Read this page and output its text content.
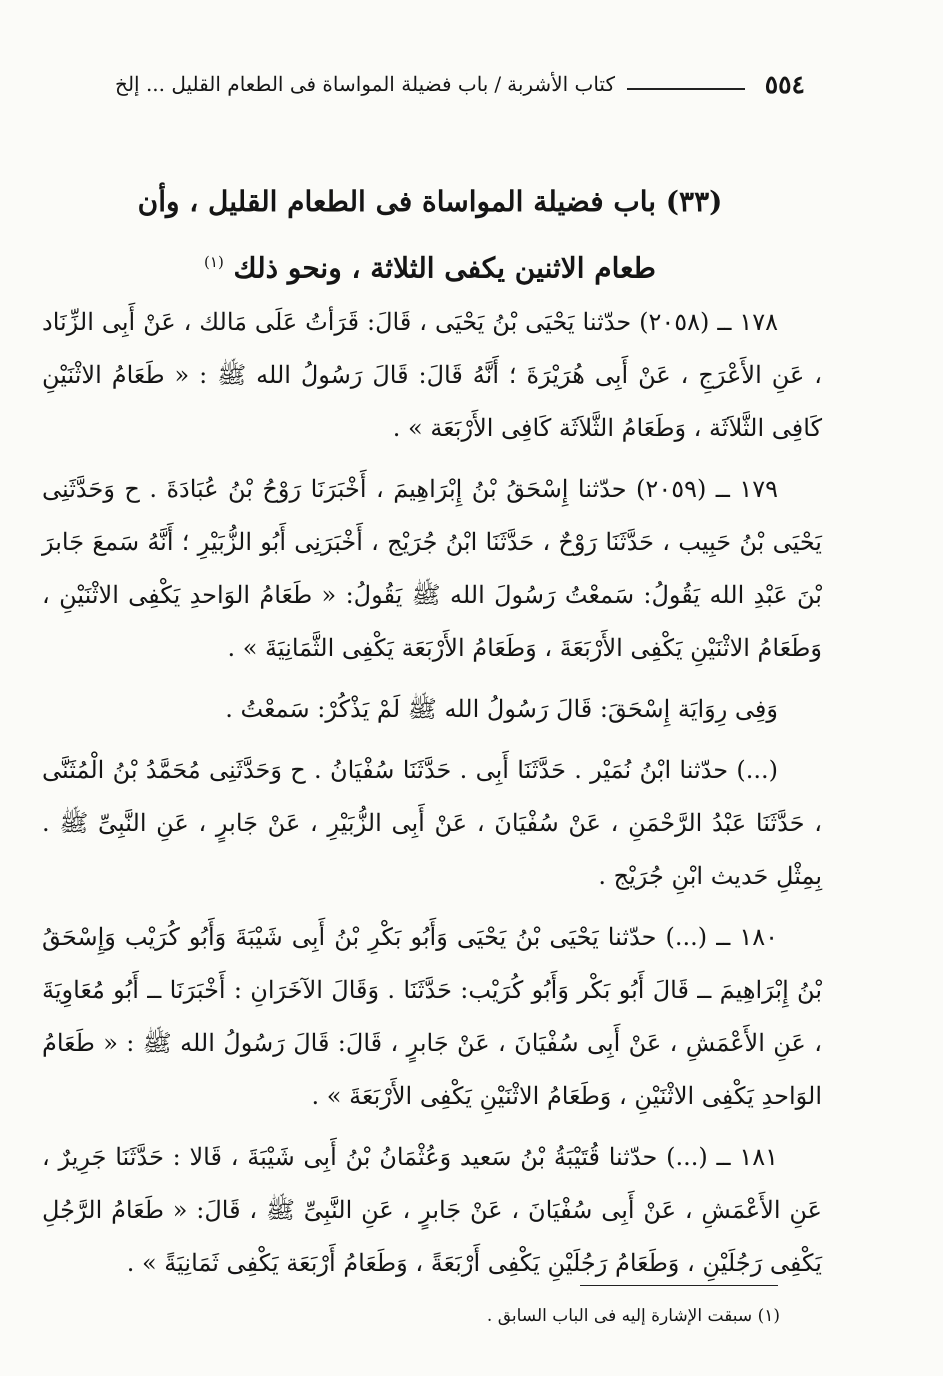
٥٥٤
كتاب الأشربة/باب فضيلة المواساة فى الطعام القليل ... إلخ
(٣٣) باب فضيلة المواساة فى الطعام القليل ، وأن
طعام الاثنين يكفى الثلاثة ، ونحو ذلك $^{(١)}$

١٧٨ ــ (٢٠٥٨) حدّثنا يَحْيَى بْنُ يَحْيَى ، قَالَ: قَرَأتُ عَلَى مَالك ، عَنْ أَبِى الزِّنَاد ، عَنِ الأَعْرَجِ ، عَنْ أَبِى هُرَيْرَةَ ؛ أَنَّهُ قَالَ: قَالَ رَسُولُ الله ﷺ : « طَعَامُ الاثْنَيْنِ كَافِى الثَّلاَثَة ، وَطَعَامُ الثَّلاَثَة كَافِى الأَرْبَعَة » .

١٧٩ ــ (٢٠٥٩) حدّثنا إِسْحَقُ بْنُ إِبْرَاهِيمَ ، أَخْبَرَنَا رَوْحُ بْنُ عُبَادَةَ . ح وَحَدَّثَنِى يَحْيَى بْنُ حَبِيب ، حَدَّثَنَا رَوْحٌ ، حَدَّثَنَا ابْنُ جُرَيْج ، أَخْبَرَنِى أَبُو الزُّبَيْرِ ؛ أَنَّهُ سَمعَ جَابرَ بْنَ عَبْدِ الله يَقُولُ: سَمعْتُ رَسُولَ الله ﷺ يَقُولُ: « طَعَامُ الوَاحدِ يَكْفِى الاثْنَيْنِ ، وَطَعَامُ الاثْنَيْنِ يَكْفِى الأَرْبَعَةَ ، وَطَعَامُ الأَرْبَعَة يَكْفِى الثَّمَانِيَةَ » .

وَفِى رِوَايَة إِسْحَقَ: قَالَ رَسُولُ الله ﷺ لَمْ يَذْكُرْ: سَمعْتُ .

(...) حدّثنا ابْنُ نُمَيْر . حَدَّثَنَا أَبِى . حَدَّثَنَا سُفْيَانُ . ح وَحَدَّثَنِى مُحَمَّدُ بْنُ الْمُثَنَّى ، حَدَّثَنَا عَبْدُ الرَّحْمَنِ ، عَنْ سُفْيَانَ ، عَنْ أَبِى الزُّبَيْرِ ، عَنْ جَابرٍ ، عَنِ النَّبِىِّ ﷺ . بِمِثْلِ حَديث ابْنِ جُرَيْج .

١٨٠ ــ (...) حدّثنا يَحْيَى بْنُ يَحْيَى وَأَبُو بَكْرِ بْنُ أَبِى شَيْبَةَ وَأَبُو كُرَيْب وَإِسْحَقُ بْنُ إِبْرَاهِيمَ ــ قَالَ أَبُو بَكْر وَأَبُو كُرَيْب: حَدَّثَنَا . وَقَالَ الآخَرَانِ : أَخْبَرَنَا ــ أَبُو مُعَاوِيَةَ ، عَنِ الأَعْمَشِ ، عَنْ أَبِى سُفْيَانَ ، عَنْ جَابرٍ ، قَالَ: قَالَ رَسُولُ الله ﷺ : « طَعَامُ الوَاحدِ يَكْفِى الاثْنَيْنِ ، وَطَعَامُ الاثْنَيْنِ يَكْفِى الأَرْبَعَةَ » .

١٨١ ــ (...) حدّثنا قُتَيْبَةُ بْنُ سَعيد وَعُثْمَانُ بْنُ أَبِى شَيْبَةَ ، قَالا : حَدَّثَنَا جَرِيرٌ ، عَنِ الأَعْمَشِ ، عَنْ أَبِى سُفْيَانَ ، عَنْ جَابرٍ ، عَنِ النَّبِىِّ ﷺ ، قَالَ: « طَعَامُ الرَّجُلِ يَكْفِى رَجُلَيْنِ ، وَطَعَامُ رَجُلَيْنِ يَكْفِى أَرْبَعَةً ، وَطَعَامُ أَرْبَعَة يَكْفِى ثَمَانِيَةً » .

(١) سبقت الإشارة إليه فى الباب السابق .
